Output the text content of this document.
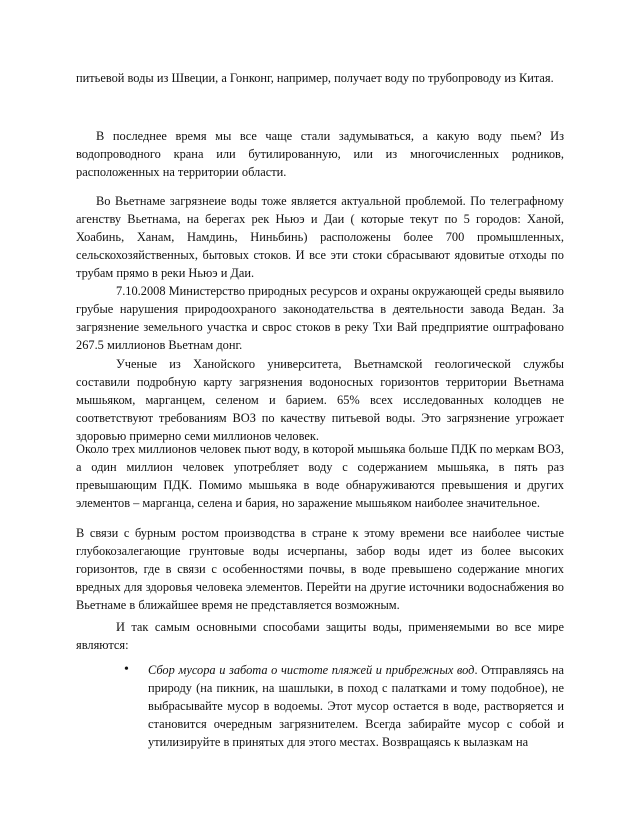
питьевой воды из Швеции, а Гонконг, например, получает воду по трубопроводу из Китая.

В последнее время мы все чаще стали задумываться, а какую воду пьем? Из водопроводного крана или бутилированную, или из многочисленных родников, расположенных на территории области.

Во Вьетнаме загрязнеие воды тоже является актуальной проблемой. По телеграфному агенству Вьетнама, на берегах рек Ньюэ и Даи ( которые текут по 5 городов: Ханой, Хоабинь, Ханам, Намдинь, Ниньбинь) расположены более 700 промышленных, сельскохозяйственных, бытовых стоков. И все эти стоки сбрасывают ядовитые отходы по трубам прямо в реки Ньюэ и Даи.

7.10.2008 Министерство природных ресурсов и охраны окружающей среды выявило грубые нарушения природоохраного законодательства в деятельности завода Ведан. За загрязнение земельного участка и сврос стоков в реку Тхи Вай предприятие оштрафовано 267.5 миллионов Вьетнам донг.

Ученые из Ханойского университета, Вьетнамской геологической службы составили подробную карту загрязнения водоносных горизонтов территории Вьетнама мышьяком, марганцем, селеном и барием. 65% всех исследованных колодцев не соответствуют требованиям ВОЗ по качеству питьевой воды. Это загрязнение угрожает здоровью примерно семи миллионов человек.

Около трех миллионов человек пьют воду, в которой мышьяка больше ПДК по меркам ВОЗ, а один миллион человек употребляет воду с содержанием мышьяка, в пять раз превышающим ПДК. Помимо мышьяка в воде обнаруживаются превышения и других элементов – марганца, селена и бария, но заражение мышьяком наиболее значительное.

В связи с бурным ростом производства в стране к этому времени все наиболее чистые глубокозалегающие грунтовые воды исчерпаны, забор воды идет из более высоких горизонтов, где в связи с особенностями почвы, в воде превышено содержание многих вредных для здоровья человека элементов. Перейти на другие источники водоснабжения во Вьетнаме в ближайшее время не представляется возможным.

И так самым основными способами защиты воды, применяемыми во все мире являются:

• Сбор мусора и забота о чистоте пляжей и прибрежных вод. Отправляясь на природу (на пикник, на шашлыки, в поход с палатками и тому подобное), не выбрасывайте мусор в водоемы. Этот мусор остается в воде, растворяется и становится очередным загрязнителем. Всегда забирайте мусор с собой и утилизируйте в принятых для этого местах. Возвращаясь к вылазкам на
